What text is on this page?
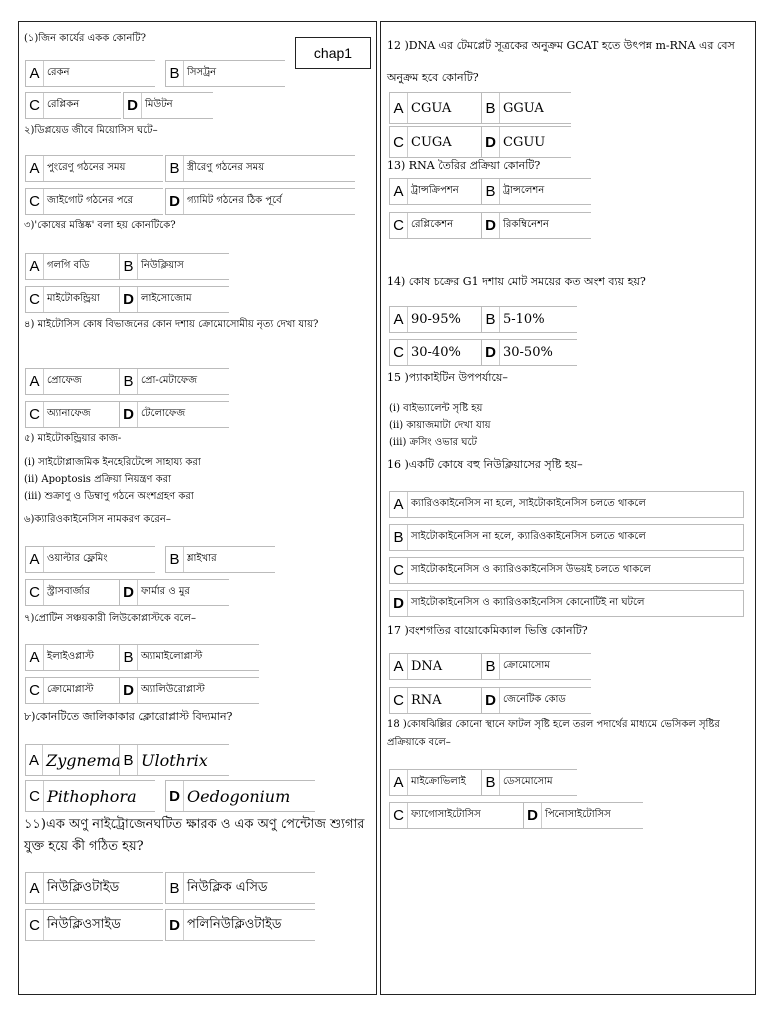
(১)জিন কার্যের একক কোনটি?
chap1
A রেকন	B সিসট্রন
C রেপ্লিকন	D মিউটন
২)ডিপ্লয়েড জীবে মিয়োসিস ঘটে–
A পুংরেণু গঠনের সময়	B স্ত্রীরেণু গঠনের সময়
C জাইগোট গঠনের পরে D গ্যামিট গঠনের ঠিক পূর্বে
৩)'কোষের মস্তিষ্ক' বলা হয় কোনটিকে?
A গলগি বডি B নিউক্লিয়াস
C মাইটোকন্ড্রিয়া D লাইসোজোম
৪) মাইটোসিস কোষ বিভাজনের কোন দশায় ক্রোমোসোমীয় নৃত্য দেখা যায়?
A প্রোফেজ	B প্রো-মেটাফেজ
C অ্যানাফেজ D টেলোফেজ
৫) মাইটোকন্ড্রিয়ার কাজ-
(i) সাইটোপ্লাজমিক ইনহেরিটেন্সে সাহায্য করা
(ii) Apoptosis প্রক্রিয়া নিয়ন্ত্রণ করা
(iii) শুক্রাণু ও ডিম্বাণু গঠনে অংশগ্রহণ করা
৬)ক্যারিওকাইনেসিস নামকরণ করেন–
A ওয়াল্টার ফ্লেমিং	B শ্লাইখার
C স্ট্রাসবার্জার D ফার্মার ও মুর
৭)প্রোটিন সঞ্চয়কারী লিউকোপ্লাস্টকে বলে–
A ইলাইওপ্লাস্ট B অ্যামাইলোপ্লাস্ট
C ক্রোমোপ্লাস্ট D অ্যালিউরোপ্লাস্ট
৮)কোনটিতে জালিকাকার ক্লোরোপ্লাস্ট বিদ্যমান?
A Zygnema B Ulothrix
C Pithophora D Oedogonium
১১)এক অণু নাইট্রোজেনঘটিত ক্ষারক ও এক অণু পেন্টোজ শ্যুগার যুক্ত হয়ে কী গঠিত হয়?
A নিউক্লিওটাইড	B নিউক্লিক এসিড
C নিউক্লিওসাইড	D পলিনিউক্লিওটাইড
12 )DNA এর টেমপ্লেট সূত্রকের অনুক্রম GCAT হতে উৎপন্ন m-RNA এর বেস অনুক্রম হবে কোনটি?
A CGUA B GGUA
C CUGA D CGUU
13) RNA তৈরির প্রক্রিয়া কোনটি?
A ট্রান্সক্রিপশন B ট্রান্সলেশন
C রেপ্লিকেশন D রিকম্বিনেশন
14) কোষ চক্রের G1 দশায় মোট সময়ের কত অংশ ব্যয় হয়?
A 90-95% B 5-10%
C 30-40% D 30-50%
15 )প্যাকাইটিন উপপর্যায়ে–
(i) বাইভ্যালেন্ট সৃষ্টি হয়
(ii) কায়াজমাটা দেখা যায়
(iii) ক্রসিং ওভার ঘটে
16 )একটি কোষে বহু নিউক্লিয়াসের সৃষ্টি হয়–
A ক্যারিওকাইনেসিস না হলে, সাইটোকাইনেসিস চলতে থাকলে
B সাইটোকাইনেসিস না হলে, ক্যারিওকাইনেসিস চলতে থাকলে
C সাইটোকাইনেসিস ও ক্যারিওকাইনেসিস উভয়ই চলতে থাকলে
D সাইটোকাইনেসিস ও ক্যারিওকাইনেসিস কোনোটিই না ঘটলে
17 )বংশগতির বায়োকেমিক্যাল ভিত্তি কোনটি?
A DNA	B ক্রোমোসোম
C RNA	D জেনেটিক কোড
18 )কোষঝিল্লির কোনো স্থানে ফাটল সৃষ্টি হলে তরল পদার্থের মাধ্যমে ভেসিকল সৃষ্টির প্রক্রিয়াকে বলে–
A মাইক্রোভিলাই B ডেসমোসোম
C ফ্যাগোসাইটোসিস	D পিনোসাইটোসিস
